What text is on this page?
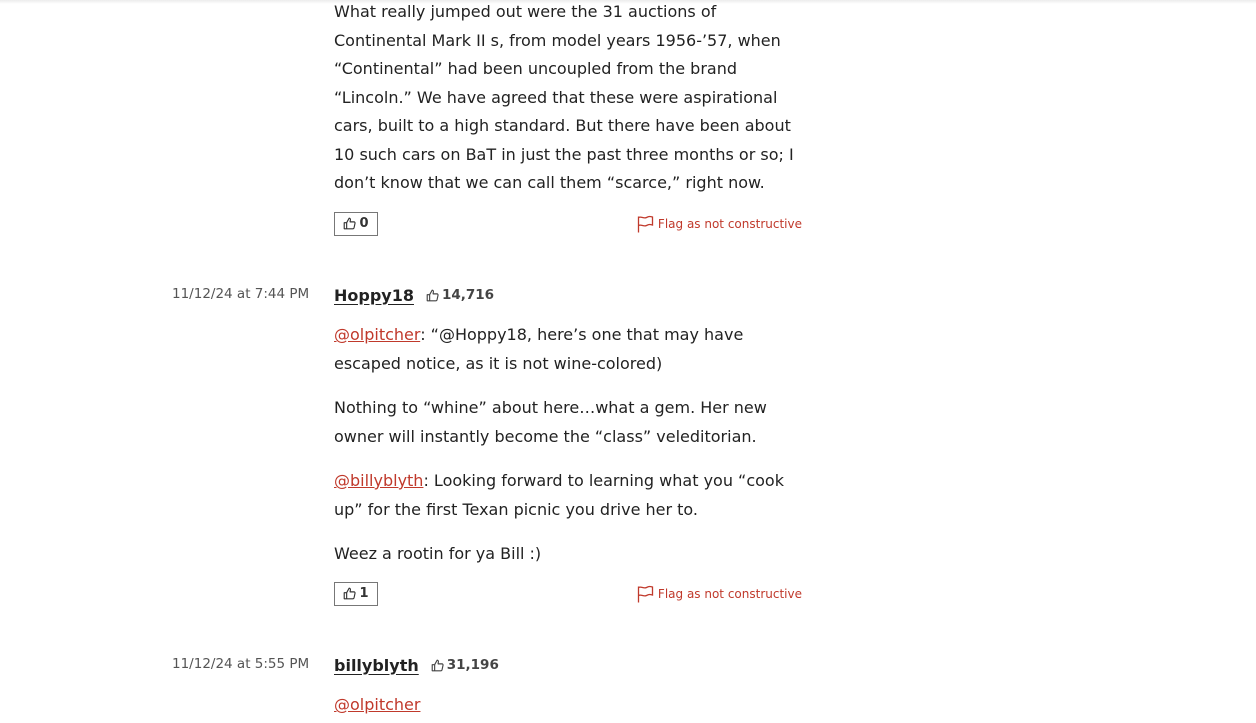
What really jumped out were the 31 auctions of Continental Mark II s, from model years 1956-’57, when “Continental” had been uncoupled from the brand “Lincoln.” We have agreed that these were aspirational cars, built to a high standard. But there have been about 10 such cars on BaT in just the past three months or so; I don’t know that we can call them “scarce,” right now.

0	Flag as not constructive
11/12/24 at 7:44 PM Hoppy18 14,716

@olpitcher: “@Hoppy18, here’s one that may have escaped notice, as it is not wine-colored)

Nothing to “whine” about here…what a gem. Her new owner will instantly become the “class” veleditorian.

@billyblyth: Looking forward to learning what you “cook up” for the first Texan picnic you drive her to.

Weez a rootin for ya Bill :)

1	Flag as not constructive
11/12/24 at 5:55 PM billyblyth 31,196

@olpitcher
